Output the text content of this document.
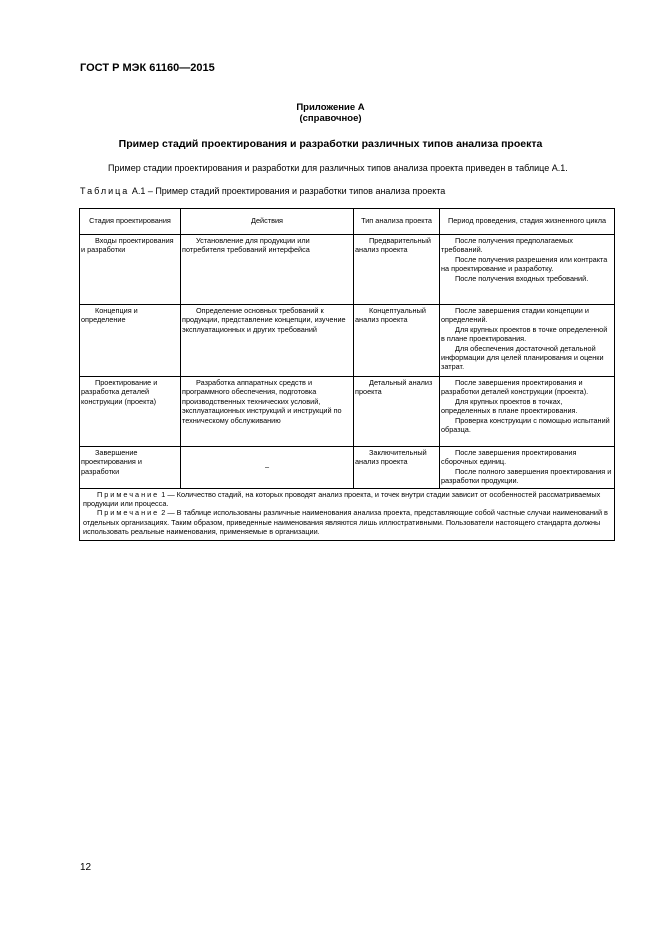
ГОСТ Р МЭК 61160—2015
Приложение А
(справочное)
Пример стадий проектирования и разработки различных типов анализа проекта
Пример стадии проектирования и разработки для различных типов анализа проекта приведен в таблице А.1.
Таблица А.1 – Пример стадий проектирования и разработки типов анализа проекта
Стадия проектирования	Действия	Тип анализа проекта	Период проведения, стадия жизненного цикла
Входы проектирования и разработки	Установление для продукции или потребителя требований интерфейса	Предварительный анализ проекта	После получения предполагаемых требований.
После получения разрешения или контракта на проектирование и разработку.
После получения входных требований.

Концепция и определение	Определение основных требований к продукции, представление концепции, изучение эксплуатационных и других требований	Концептуальный анализ проекта	После завершения стадии концепции и определений.
Для крупных проектов в точке определенной в плане проектирования.
Для обеспечения достаточной детальной информации для целей планирования и оценки затрат.

Проектирование и разработка деталей конструкции (проекта)	Разработка аппаратных средств и программного обеспечения, подготовка производственных технических условий, эксплуатационных инструкций и инструкций по техническому обслуживанию	Детальный анализ проекта	После завершения проектирования и разработки деталей конструкции (проекта).
Для крупных проектов в точках, определенных в плане проектирования.
Проверка конструкции с помощью испытаний образца.

Завершение проектирования и разработки	–	Заключительный анализ проекта	После завершения проектирования сборочных единиц.
После полного завершения проектирования и разработки продукции.

Примечание 1 — Количество стадий, на которых проводят анализ проекта, и точек внутри стадии зависит от особенностей рассматриваемых продукции или процесса.
Примечание 2 — В таблице использованы различные наименования анализа проекта, представляющие собой частные случаи наименований в отдельных организациях. Таким образом, приведенные наименования являются лишь иллюстративными. Пользователи настоящего стандарта должны использовать реальные наименования, применяемые в организации.			
12
